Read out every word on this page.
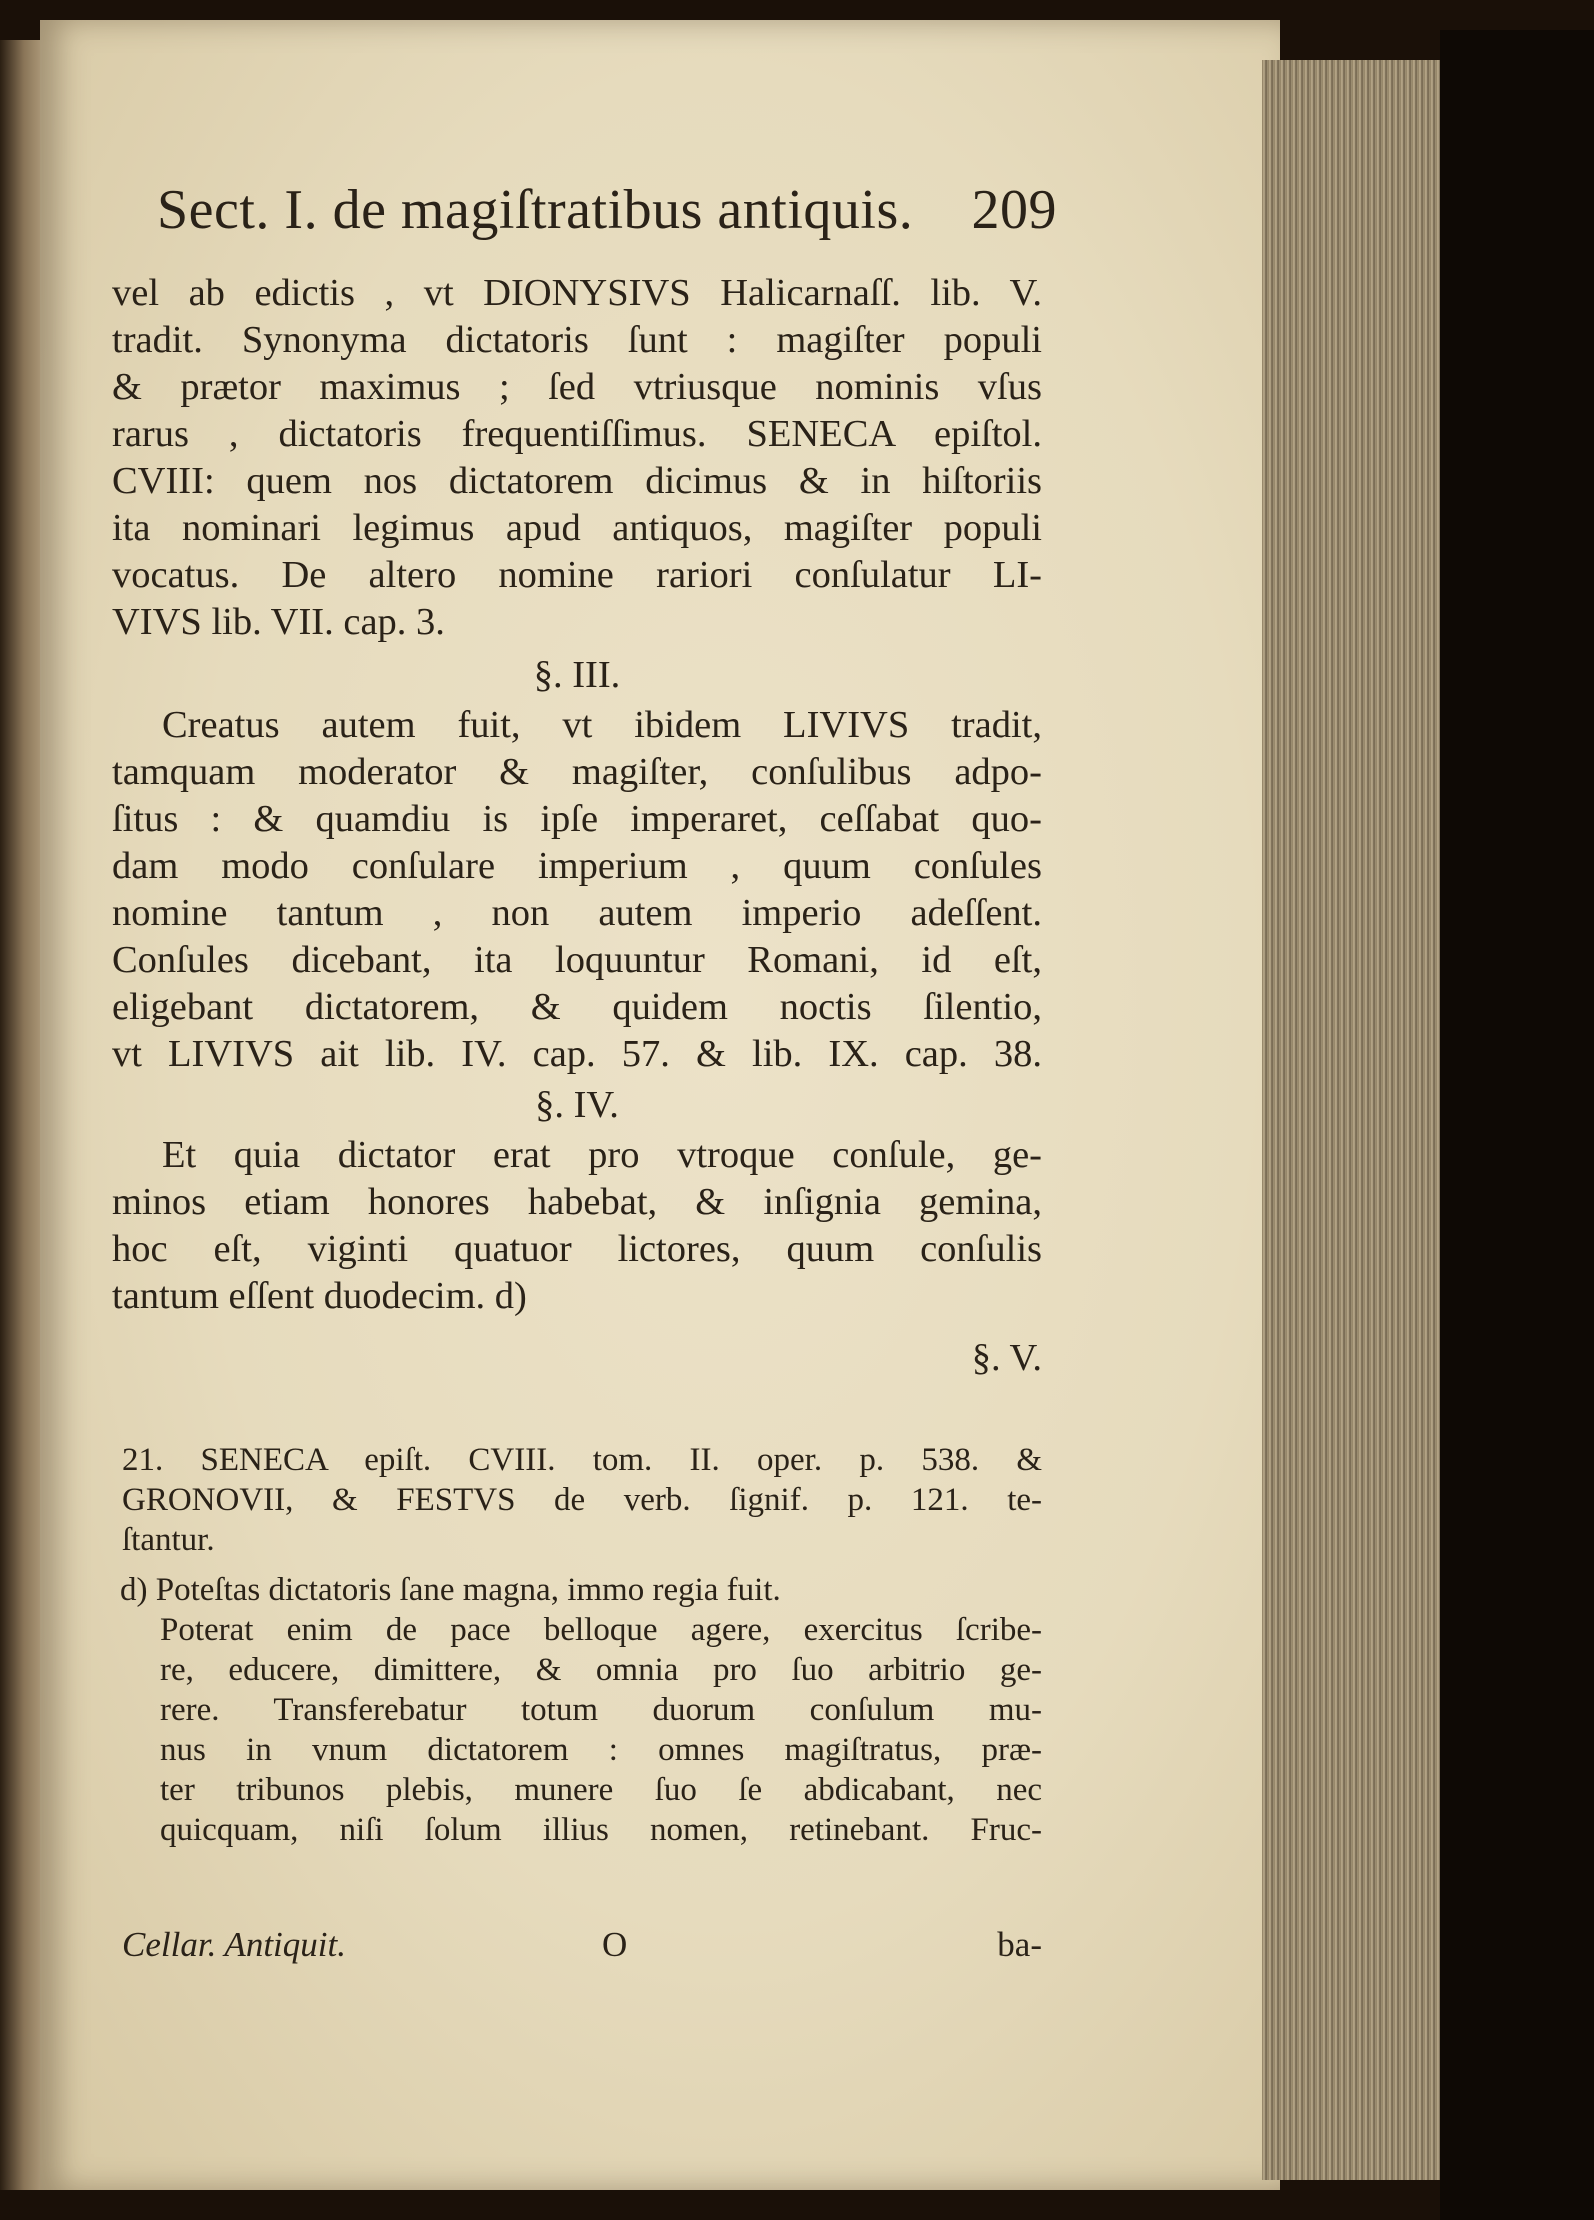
Sect. I. de magiſtratibus antiquis. 209
vel ab edictis , vt DIONYSIVS Halicarnaſſ. lib. V.
tradit. Synonyma dictatoris ſunt : magiſter populi
& prætor maximus ; ſed vtriusque nominis vſus
rarus , dictatoris frequentiſſimus. SENECA epiſtol.
CVIII: quem nos dictatorem dicimus & in hiſtoriis
ita nominari legimus apud antiquos, magiſter populi
vocatus. De altero nomine rariori conſulatur LI-
VIVS lib. VII. cap. 3.
§. III.
Creatus autem fuit, vt ibidem LIVIVS tradit,
tamquam moderator & magiſter, conſulibus adpo-
ſitus : & quamdiu is ipſe imperaret, ceſſabat quo-
dam modo conſulare imperium , quum conſules
nomine tantum , non autem imperio adeſſent.
Conſules dicebant, ita loquuntur Romani, id eſt,
eligebant dictatorem, & quidem noctis ſilentio,
vt LIVIVS ait lib. IV. cap. 57. & lib. IX. cap. 38.
§. IV.
Et quia dictator erat pro vtroque conſule, ge-
minos etiam honores habebat, & inſignia gemina,
hoc eſt, viginti quatuor lictores, quum conſulis
tantum eſſent duodecim. d)
§. V.
21. SENECA epiſt. CVIII. tom. II. oper. p. 538. &
GRONOVII, & FESTVS de verb. ſignif. p. 121. te-
ſtantur.
d) Poteſtas dictatoris ſane magna, immo regia fuit.
Poterat enim de pace belloque agere, exercitus ſcribe-
re, educere, dimittere, & omnia pro ſuo arbitrio ge-
rere. Transferebatur totum duorum conſulum mu-
nus in vnum dictatorem : omnes magiſtratus, præ-
ter tribunos plebis, munere ſuo ſe abdicabant, nec
quicquam, niſi ſolum illius nomen, retinebant. Fruc-
Cellar. Antiquit.	O	ba-
